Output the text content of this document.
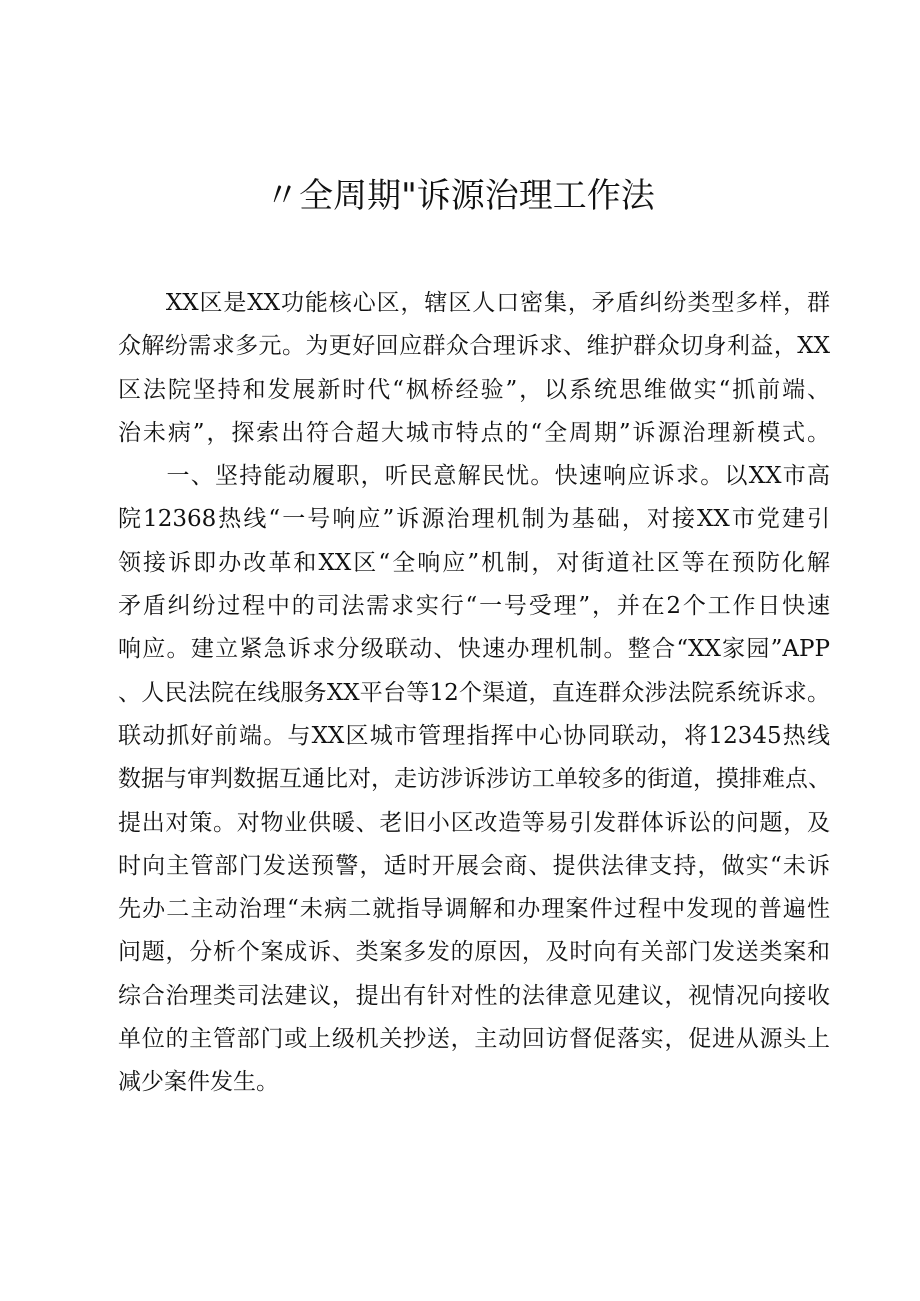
〃全周期"诉源治理工作法
　　XX区是XX功能核心区，辖区人口密集，矛盾纠纷类型多样，群
众解纷需求多元。为更好回应群众合理诉求、维护群众切身利益，XX
区法院坚持和发展新时代“枫桥经验”，以系统思维做实“抓前端、
治未病”，探索出符合超大城市特点的“全周期”诉源治理新模式。
　　一、坚持能动履职，听民意解民忧。快速响应诉求。以XX市高
院12368热线“一号响应”诉源治理机制为基础，对接XX市党建引
领接诉即办改革和XX区“全响应”机制，对街道社区等在预防化解
矛盾纠纷过程中的司法需求实行“一号受理”，并在2个工作日快速
响应。建立紧急诉求分级联动、快速办理机制。整合“XX家园”APP
、人民法院在线服务XX平台等12个渠道，直连群众涉法院系统诉求。
联动抓好前端。与XX区城市管理指挥中心协同联动，将12345热线
数据与审判数据互通比对，走访涉诉涉访工单较多的街道，摸排难点、
提出对策。对物业供暖、老旧小区改造等易引发群体诉讼的问题，及
时向主管部门发送预警，适时开展会商、提供法律支持，做实“未诉
先办二主动治理“未病二就指导调解和办理案件过程中发现的普遍性
问题，分析个案成诉、类案多发的原因，及时向有关部门发送类案和
综合治理类司法建议，提出有针对性的法律意见建议，视情况向接收
单位的主管部门或上级机关抄送，主动回访督促落实，促进从源头上
减少案件发生。
